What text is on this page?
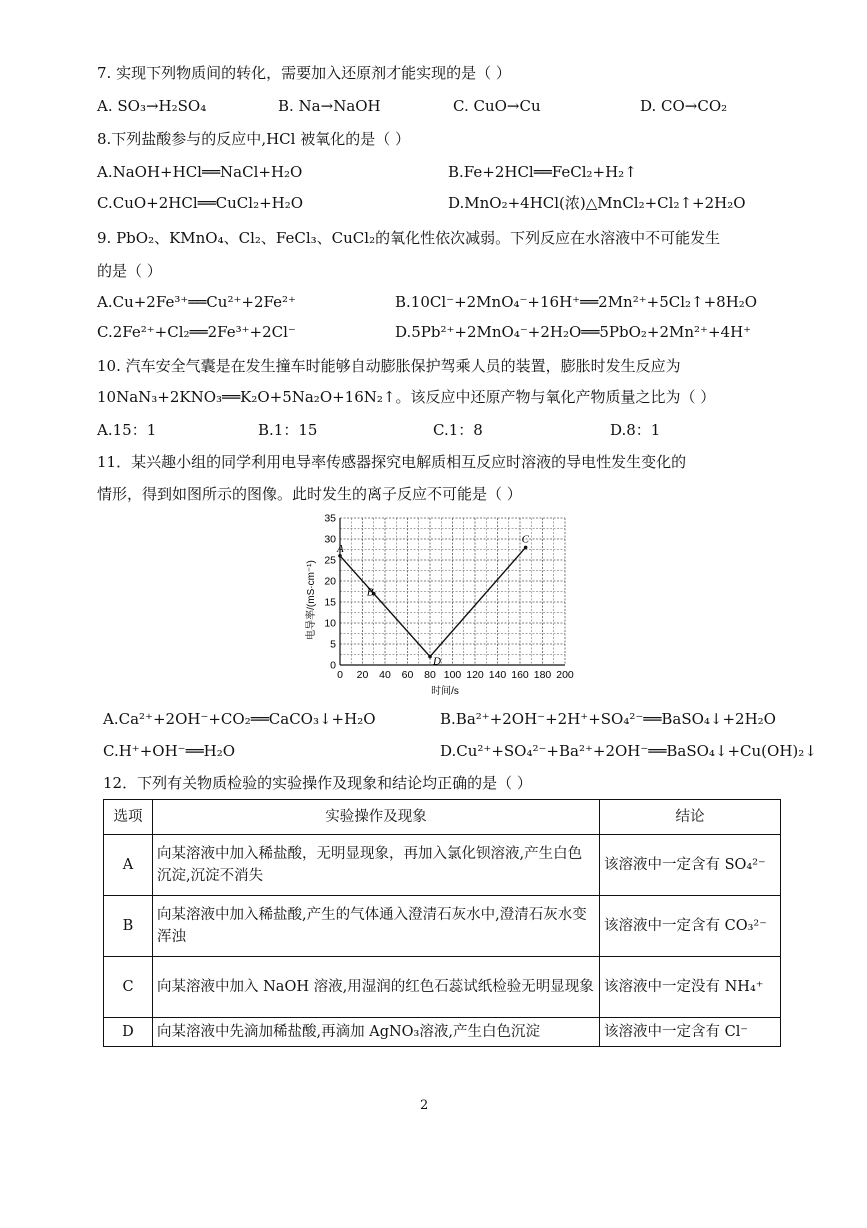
7. 实现下列物质间的转化，需要加入还原剂才能实现的是（ ）
A. SO₃→H₂SO₄	B. Na→NaOH	C. CuO→Cu	D. CO→CO₂
8.下列盐酸参与的反应中,HCl 被氧化的是（ ）
A.NaOH+HCl══NaCl+H₂O	B.Fe+2HCl══FeCl₂+H₂↑
C.CuO+2HCl══CuCl₂+H₂O	D.MnO₂+4HCl(浓)△MnCl₂+Cl₂↑+2H₂O
9. PbO₂、KMnO₄、Cl₂、FeCl₃、CuCl₂的氧化性依次减弱。下列反应在水溶液中不可能发生
的是（ ）
A.Cu+2Fe³⁺══Cu²⁺+2Fe²⁺	B.10Cl⁻+2MnO₄⁻+16H⁺══2Mn²⁺+5Cl₂↑+8H₂O
C.2Fe²⁺+Cl₂══2Fe³⁺+2Cl⁻	D.5Pb²⁺+2MnO₄⁻+2H₂O══5PbO₂+2Mn²⁺+4H⁺
10. 汽车安全气囊是在发生撞车时能够自动膨胀保护驾乘人员的装置，膨胀时发生反应为
10NaN₃+2KNO₃══K₂O+5Na₂O+16N₂↑。该反应中还原产物与氧化产物质量之比为（ ）
A.15：1	B.1：15	C.1：8	D.8：1
11．某兴趣小组的同学利用电导率传感器探究电解质相互反应时溶液的导电性发生变化的
情形，得到如图所示的图像。此时发生的离子反应不可能是（ ）
0 20 40 60 80 100 120 140 160 180 200
0
5
10
15
20
25
30
35
A
B
D
C
时间/s
电导率/(mS·cm⁻¹)
A.Ca²⁺+2OH⁻+CO₂══CaCO₃↓+H₂O	B.Ba²⁺+2OH⁻+2H⁺+SO₄²⁻══BaSO₄↓+2H₂O
C.H⁺+OH⁻══H₂O	D.Cu²⁺+SO₄²⁻+Ba²⁺+2OH⁻══BaSO₄↓+Cu(OH)₂↓
12．下列有关物质检验的实验操作及现象和结论均正确的是（ ）
选项	实验操作及现象	结论
A	向某溶液中加入稀盐酸，无明显现象，再加入氯化钡溶液,产生白色沉淀,沉淀不消失	该溶液中一定含有 SO₄²⁻
B	向某溶液中加入稀盐酸,产生的气体通入澄清石灰水中,澄清石灰水变浑浊	该溶液中一定含有 CO₃²⁻
C	向某溶液中加入 NaOH 溶液,用湿润的红色石蕊试纸检验无明显现象	该溶液中一定没有 NH₄⁺
D	向某溶液中先滴加稀盐酸,再滴加 AgNO₃溶液,产生白色沉淀	该溶液中一定含有 Cl⁻
2
